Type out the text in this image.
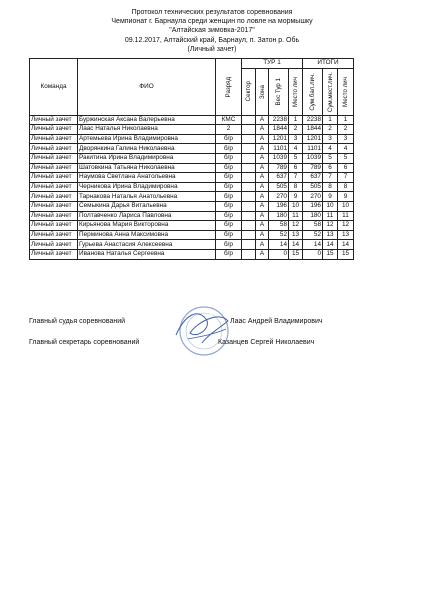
Протокол технических результатов соревнования
Чемпионат г. Барнаула среди женщин по ловле на мормышку
"Алтайская зимовка-2017"
09.12.2017, Алтайский край, Барнаул, п. Затон р. Обь
(Личный зачет)
Команда	ФИО	Разряд	ТУР 1				ИТОГИ		

			Сектор	Зона	Вес Тур 1	Место лич	Сум.бал.лич.	Сум.мест.лич.	Место лич

Личный зачет	Буржинская Аксана Валерьевна	КМС		А	2238	1	2238	1	1
Личный зачет	Лаас Наталья Николаевна	2		А	1844	2	1844	2	2
Личный зачет	Артемьева Ирина Владимировна	б/р		А	1201	3	1201	3	3
Личный зачет	Дворянкина Галина Николаевна	б/р		А	1101	4	1101	4	4
Личный зачет	Ракитина Ирина Владимировна	б/р		А	1039	5	1039	5	5
Личный зачет	Шатовкина Татьяна Николаевна	б/р		А	789	6	789	6	6
Личный зачет	Наумова Светлана Анатольевна	б/р		А	637	7	637	7	7
Личный зачет	Черникова Ирина Владимировна	б/р		А	505	8	505	8	8
Личный зачет	Тарнакова Наталья Анатольевна	б/р		А	270	9	270	9	9
Личный зачет	Семыкина Дарья Витальевна	б/р		А	196	10	196	10	10
Личный зачет	Полтавченко Лариса Павловна	б/р		А	180	11	180	11	11
Личный зачет	Кирьянова Мария Викторовна	б/р		А	58	12	58	12	12
Личный зачет	Перминова Анна Максимовна	б/р		А	52	13	52	13	13
Личный зачет	Гурьева Анастасия Алексеевна	б/р		А	14	14	14	14	14
Личный зачет	Иванова Наталья Сергеевна	б/р		А	0	15	0	15	15
Главный судья соревнований	Лаас Андрей Владимирович
Главный секретарь соревнований	Казанцев Сергей Николаевич
